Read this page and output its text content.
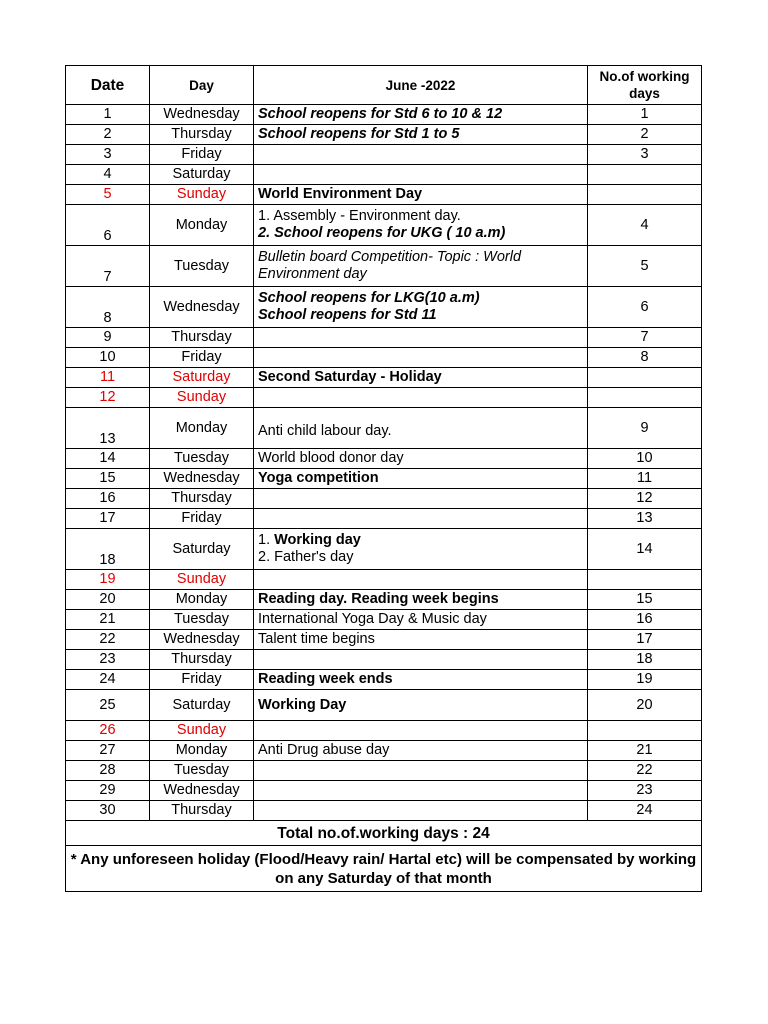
Date	Day	June -2022	No.of working days
1	Wednesday	School reopens for Std 6 to 10 & 12	1
2	Thursday	School reopens for Std 1 to 5	2
3	Friday		3
4	Saturday		
5	Sunday	World Environment Day	

6	Monday	1. Assembly - Environment day.
2. School reopens for UKG ( 10 a.m)	4
7	Tuesday	Bulletin board Competition- Topic : World
Environment day	5
8	Wednesday	School reopens for LKG(10 a.m)
School reopens for Std 11	6
9	Thursday		7
10	Friday		8
11	Saturday	Second Saturday - Holiday	

12	Sunday		
13	Monday	Anti child labour day.	9
14	Tuesday	World blood donor day	10
15	Wednesday	Yoga competition	11
16	Thursday		12
17	Friday		13
18	Saturday	1. Working day
2. Father's day	14
19	Sunday		
20	Monday	Reading day. Reading week begins	15
21	Tuesday	International Yoga Day & Music day	16
22	Wednesday	Talent time begins	17
23	Thursday		18
24	Friday	Reading week ends	19
25	Saturday	Working Day	20
26	Sunday		
27	Monday	Anti Drug abuse day	21
28	Tuesday		22
29	Wednesday		23
30	Thursday		24
Total no.of.working days : 24			
* Any unforeseen holiday (Flood/Heavy rain/ Hartal etc) will be compensated by working on any Saturday of that month			
